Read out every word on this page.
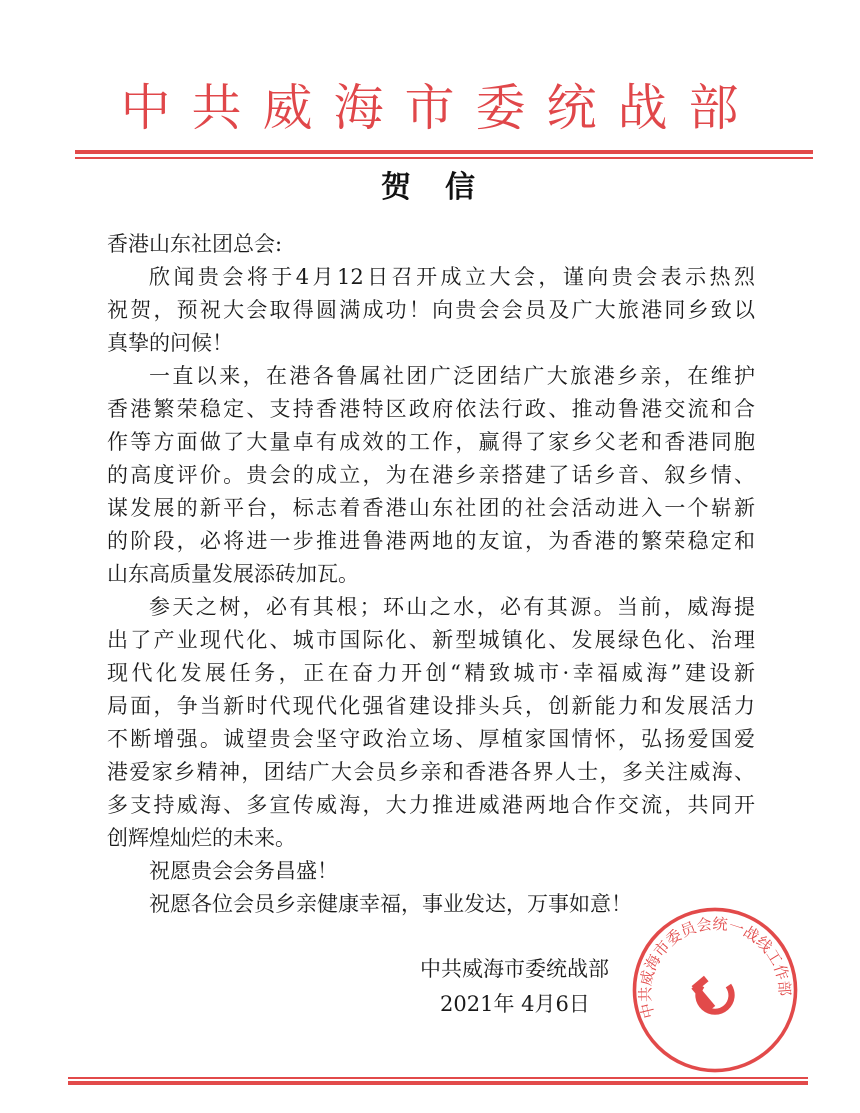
中共威海市委统战部
贺信
香港山东社团总会:
欣闻贵会将于4月12日召开成立大会，谨向贵会表示热烈
祝贺，预祝大会取得圆满成功！向贵会会员及广大旅港同乡致以
真挚的问候！
一直以来，在港各鲁属社团广泛团结广大旅港乡亲，在维护
香港繁荣稳定、支持香港特区政府依法行政、推动鲁港交流和合
作等方面做了大量卓有成效的工作，赢得了家乡父老和香港同胞
的高度评价。贵会的成立，为在港乡亲搭建了话乡音、叙乡情、
谋发展的新平台，标志着香港山东社团的社会活动进入一个崭新
的阶段，必将进一步推进鲁港两地的友谊，为香港的繁荣稳定和
山东高质量发展添砖加瓦。
参天之树，必有其根；环山之水，必有其源。当前，威海提
出了产业现代化、城市国际化、新型城镇化、发展绿色化、治理
现代化发展任务，正在奋力开创“精致城市·幸福威海”建设新
局面，争当新时代现代化强省建设排头兵，创新能力和发展活力
不断增强。诚望贵会坚守政治立场、厚植家国情怀，弘扬爱国爱
港爱家乡精神，团结广大会员乡亲和香港各界人士，多关注威海、
多支持威海、多宣传威海，大力推进威港两地合作交流，共同开
创辉煌灿烂的未来。
祝愿贵会会务昌盛！
祝愿各位会员乡亲健康幸福，事业发达，万事如意！
中共威海市委统战部
2021年 4月6日	中共威海市委员会统一战线工作部
